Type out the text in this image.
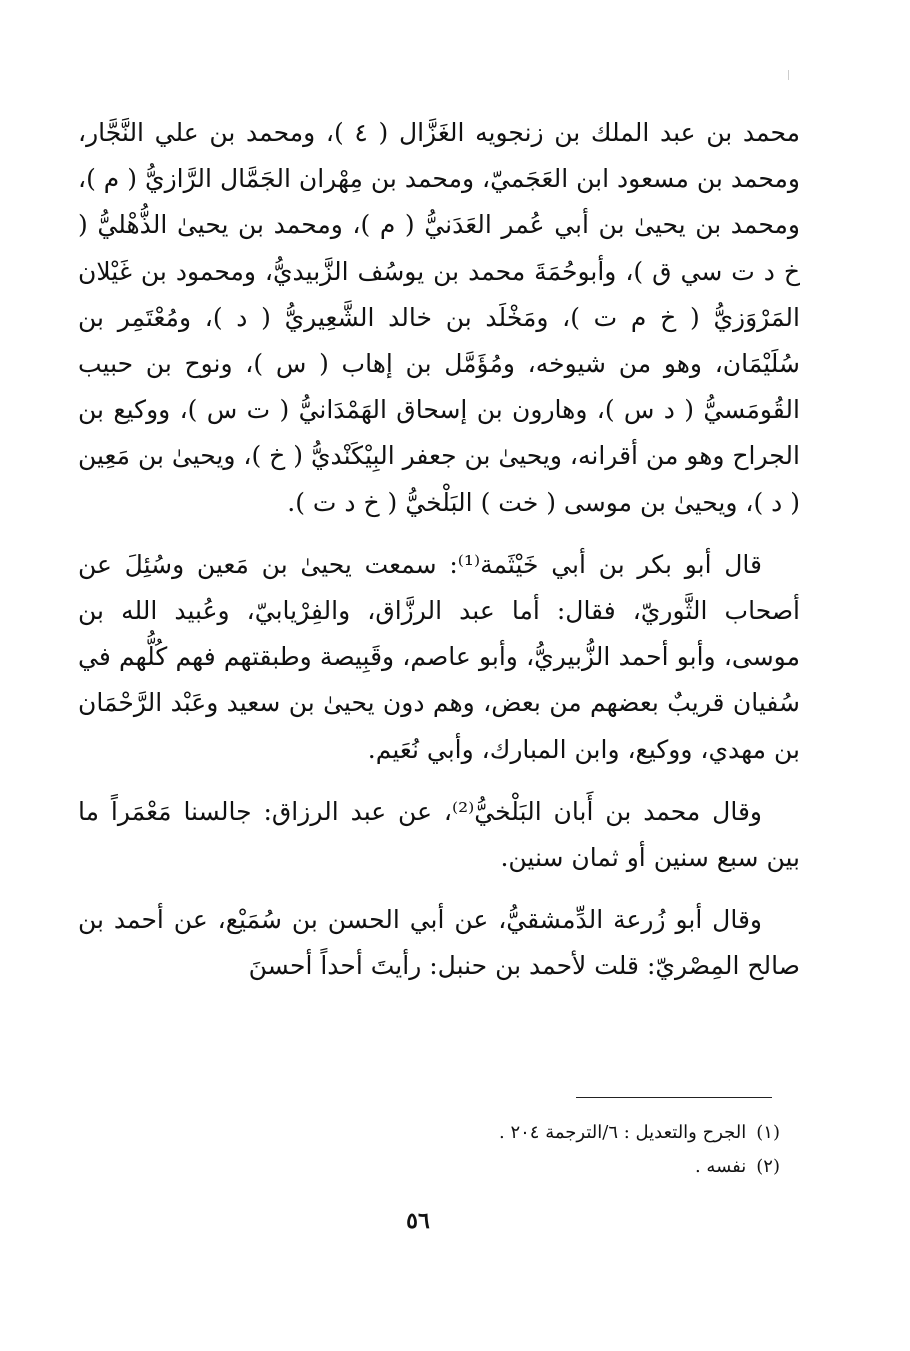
محمد بن عبد الملك بن زنجويه الغَزَّال ( ٤ )، ومحمد بن علي النَّجَّار، ومحمد بن مسعود ابن العَجَميّ، ومحمد بن مِهْران الجَمَّال الرَّازيُّ ( م )، ومحمد بن يحيىٰ بن أبي عُمر العَدَنيُّ ( م )، ومحمد بن يحيىٰ الذُّهْليُّ ( خ د ت سي ق )، وأبوحُمَةَ محمد بن يوسُف الزَّبيديُّ، ومحمود بن غَيْلان المَرْوَزيُّ ( خ م ت )، ومَخْلَد بن خالد الشَّعِيريُّ ( د )، ومُعْتَمِر بن سُلَيْمَان، وهو من شيوخه، ومُؤَمَّل بن إهاب ( س )، ونوح بن حبيب القُومَسيُّ ( د س )، وهارون بن إسحاق الهَمْدَانيُّ ( ت س )، ووكيع بن الجراح وهو من أقرانه، ويحيىٰ بن جعفر البِيْكَنْديُّ ( خ )، ويحيىٰ بن مَعِين ( د )، ويحيىٰ بن موسى ( خت ) البَلْخيُّ ( خ د ت ).

قال أبو بكر بن أبي خَيْثَمة⁽¹⁾: سمعت يحيىٰ بن مَعين وسُئِلَ عن أصحاب الثَّوريّ، فقال: أما عبد الرزَّاق، والفِرْيابيّ، وعُبيد الله بن موسى، وأبو أحمد الزُّبيريُّ، وأبو عاصم، وقَبِيصة وطبقتهم فهم كُلُّهم في سُفيان قريبٌ بعضهم من بعض، وهم دون يحيىٰ بن سعيد وعَبْد الرَّحْمَان بن مهدي، ووكيع، وابن المبارك، وأبي نُعَيم.

وقال محمد بن أَبان البَلْخيُّ⁽²⁾، عن عبد الرزاق: جالسنا مَعْمَراً ما بين سبع سنين أو ثمان سنين.

وقال أبو زُرعة الدِّمشقيُّ، عن أبي الحسن بن سُمَيْع، عن أحمد بن صالح المِصْريّ: قلت لأحمد بن حنبل: رأيتَ أحداً أحسنَ

(١)الجرح والتعديل : ٦/الترجمة ٢٠٤ .

(٢)نفسه .

٥٦
